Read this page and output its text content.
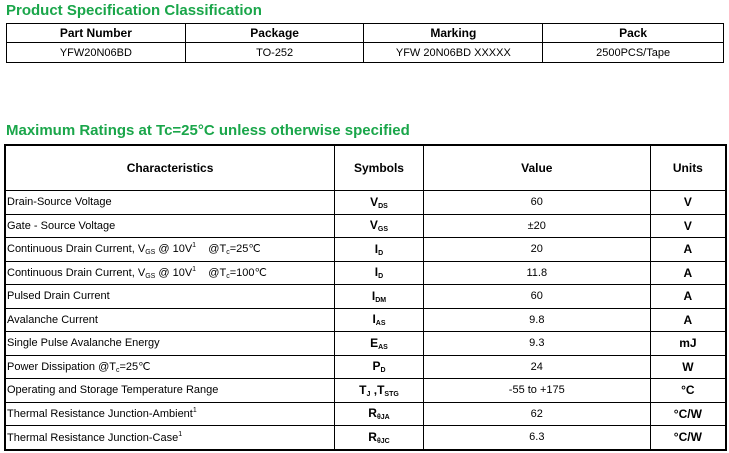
Product Specification Classification
Part Number	Package	Marking	Pack
YFW20N06BD	TO-252	YFW 20N06BD XXXXX	2500PCS/Tape
Maximum Ratings at Tc=25°C unless otherwise specified
Characteristics	Symbols	Value	Units
Drain-Source Voltage	$V_{DS}$	60	V
Gate - Source Voltage	$V_{GS}$	±20	V
Continuous Drain Current, $V_{GS}$ @ $10V^1$    $@T_c=25℃$	$I_D$	20	A
Continuous Drain Current, $V_{GS}$ @ $10V^1$    $@T_c=100℃$	$I_D$	11.8	A
Pulsed Drain Current	$I_{DM}$	60	A
Avalanche Current	$I_{AS}$	9.8	A
Single Pulse Avalanche Energy	$E_{AS}$	9.3	mJ
Power Dissipation $@T_c=25℃$	$P_D$	24	W
Operating and Storage Temperature Range	$T_J$ $,T_{STG}$	-55 to +175	°C
Thermal Resistance Junction-Ambient$^1$	$R_{\theta JA}$	62	°C/W
Thermal Resistance Junction-Case$^1$	$R_{\theta JC}$	6.3	°C/W
